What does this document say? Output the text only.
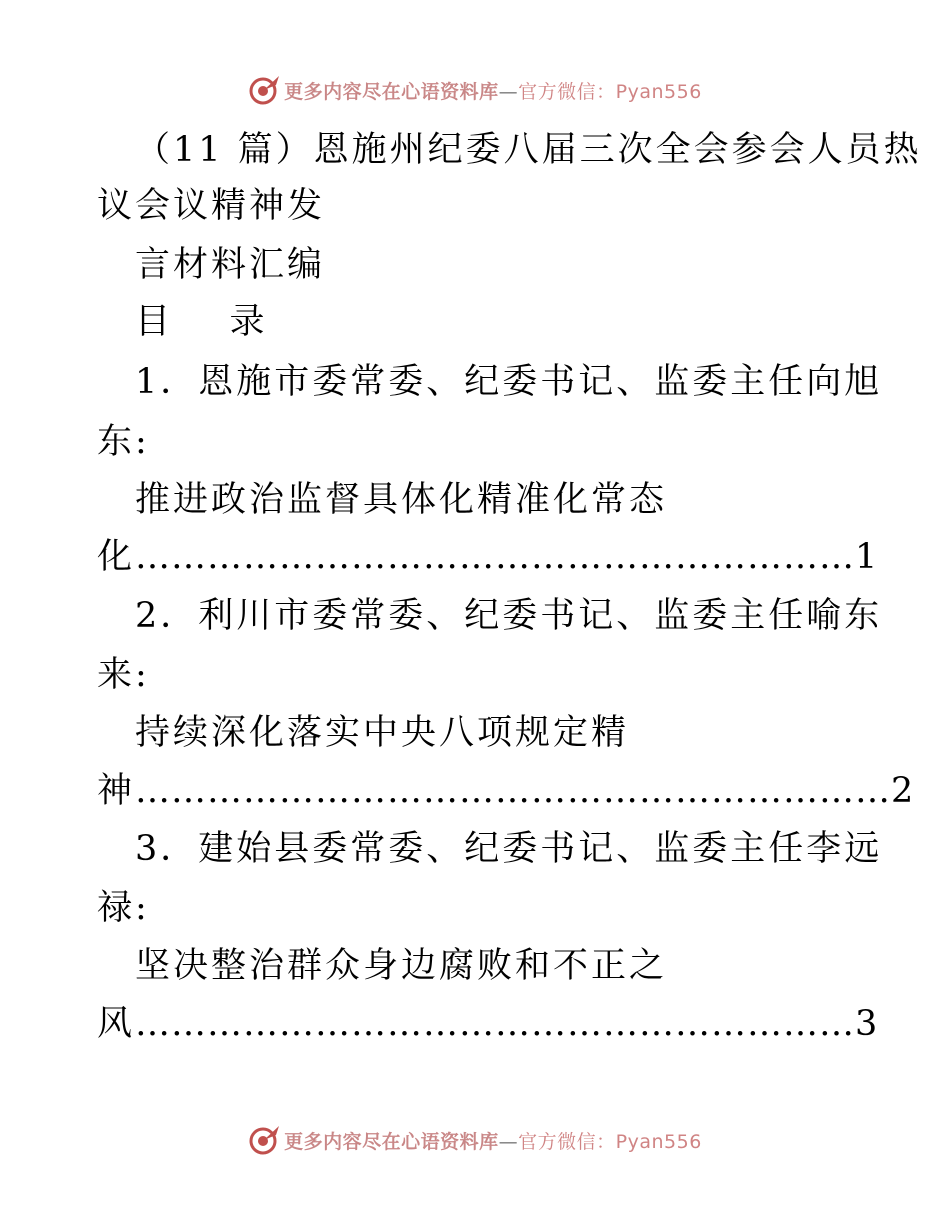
更多内容尽在心语资料库—官方微信：Pyan556
（11 篇）恩施州纪委八届三次全会参会人员热
议会议精神发
言材料汇编
目    录
1．恩施市委常委、纪委书记、监委主任向旭
东:
推进政治监督具体化精准化常态
化……………………………………………………1
2．利川市委常委、纪委书记、监委主任喻东
来:
持续深化落实中央八项规定精
神………………………………………………………2
3．建始县委常委、纪委书记、监委主任李远
禄:
坚决整治群众身边腐败和不正之
风……………………………………………………3
更多内容尽在心语资料库—官方微信：Pyan556
